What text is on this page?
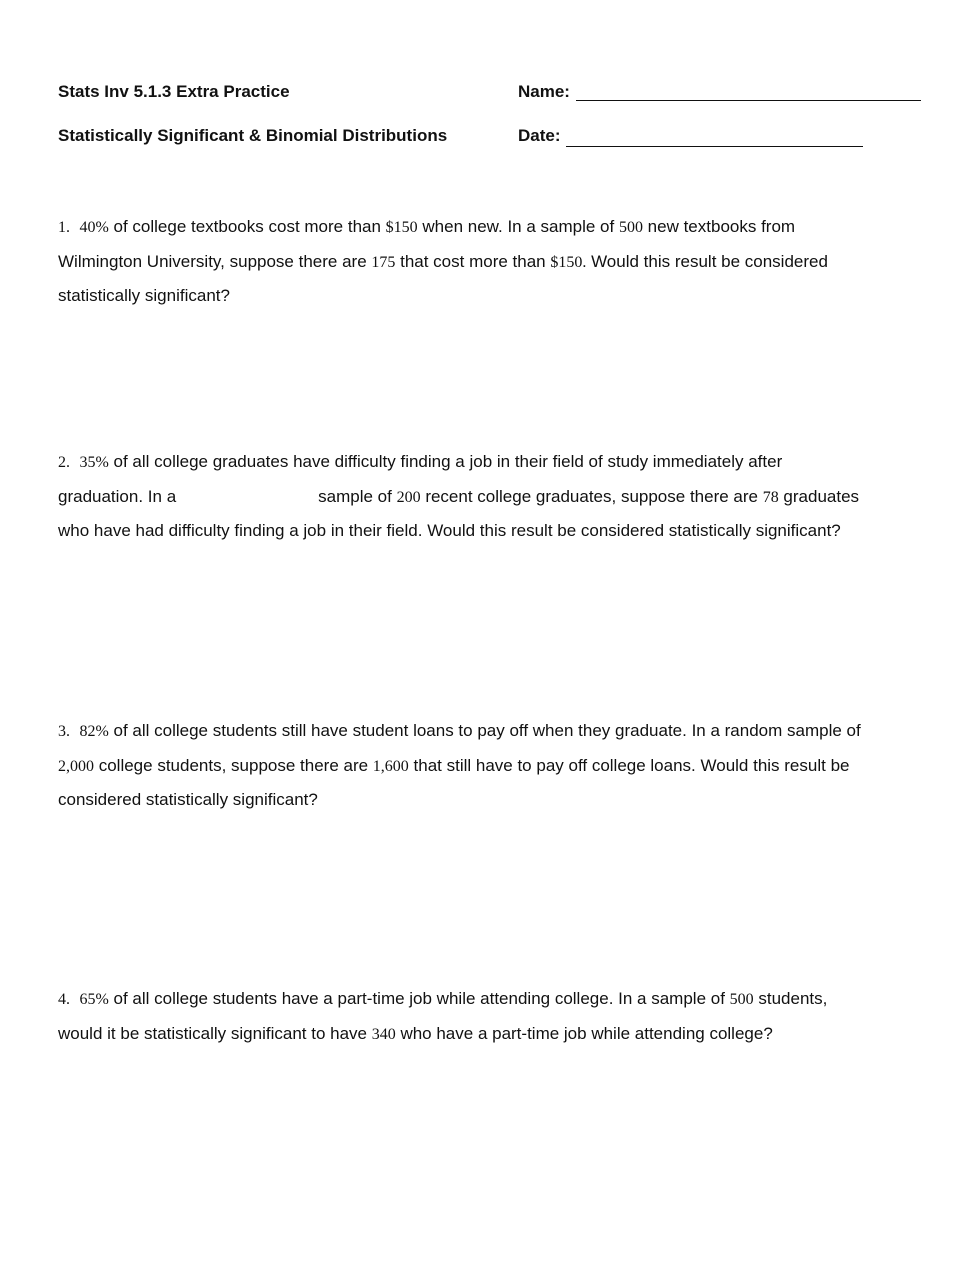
Stats Inv 5.1.3 Extra Practice
Statistically Significant & Binomial Distributions
Name:
Date:
1. 40% of college textbooks cost more than $150 when new. In a sample of 500 new textbooks from
Wilmington University, suppose there are 175 that cost more than $150. Would this result be considered
statistically significant?
2. 35% of all college graduates have difficulty finding a job in their field of study immediately after
graduation. In a	sample of 200 recent college graduates, suppose there are 78 graduates
who have had difficulty finding a job in their field. Would this result be considered statistically significant?
3. 82% of all college students still have student loans to pay off when they graduate. In a random sample of
2,000 college students, suppose there are 1,600 that still have to pay off college loans. Would this result be
considered statistically significant?
4. 65% of all college students have a part-time job while attending college. In a sample of 500 students,
would it be statistically significant to have 340 who have a part-time job while attending college?
